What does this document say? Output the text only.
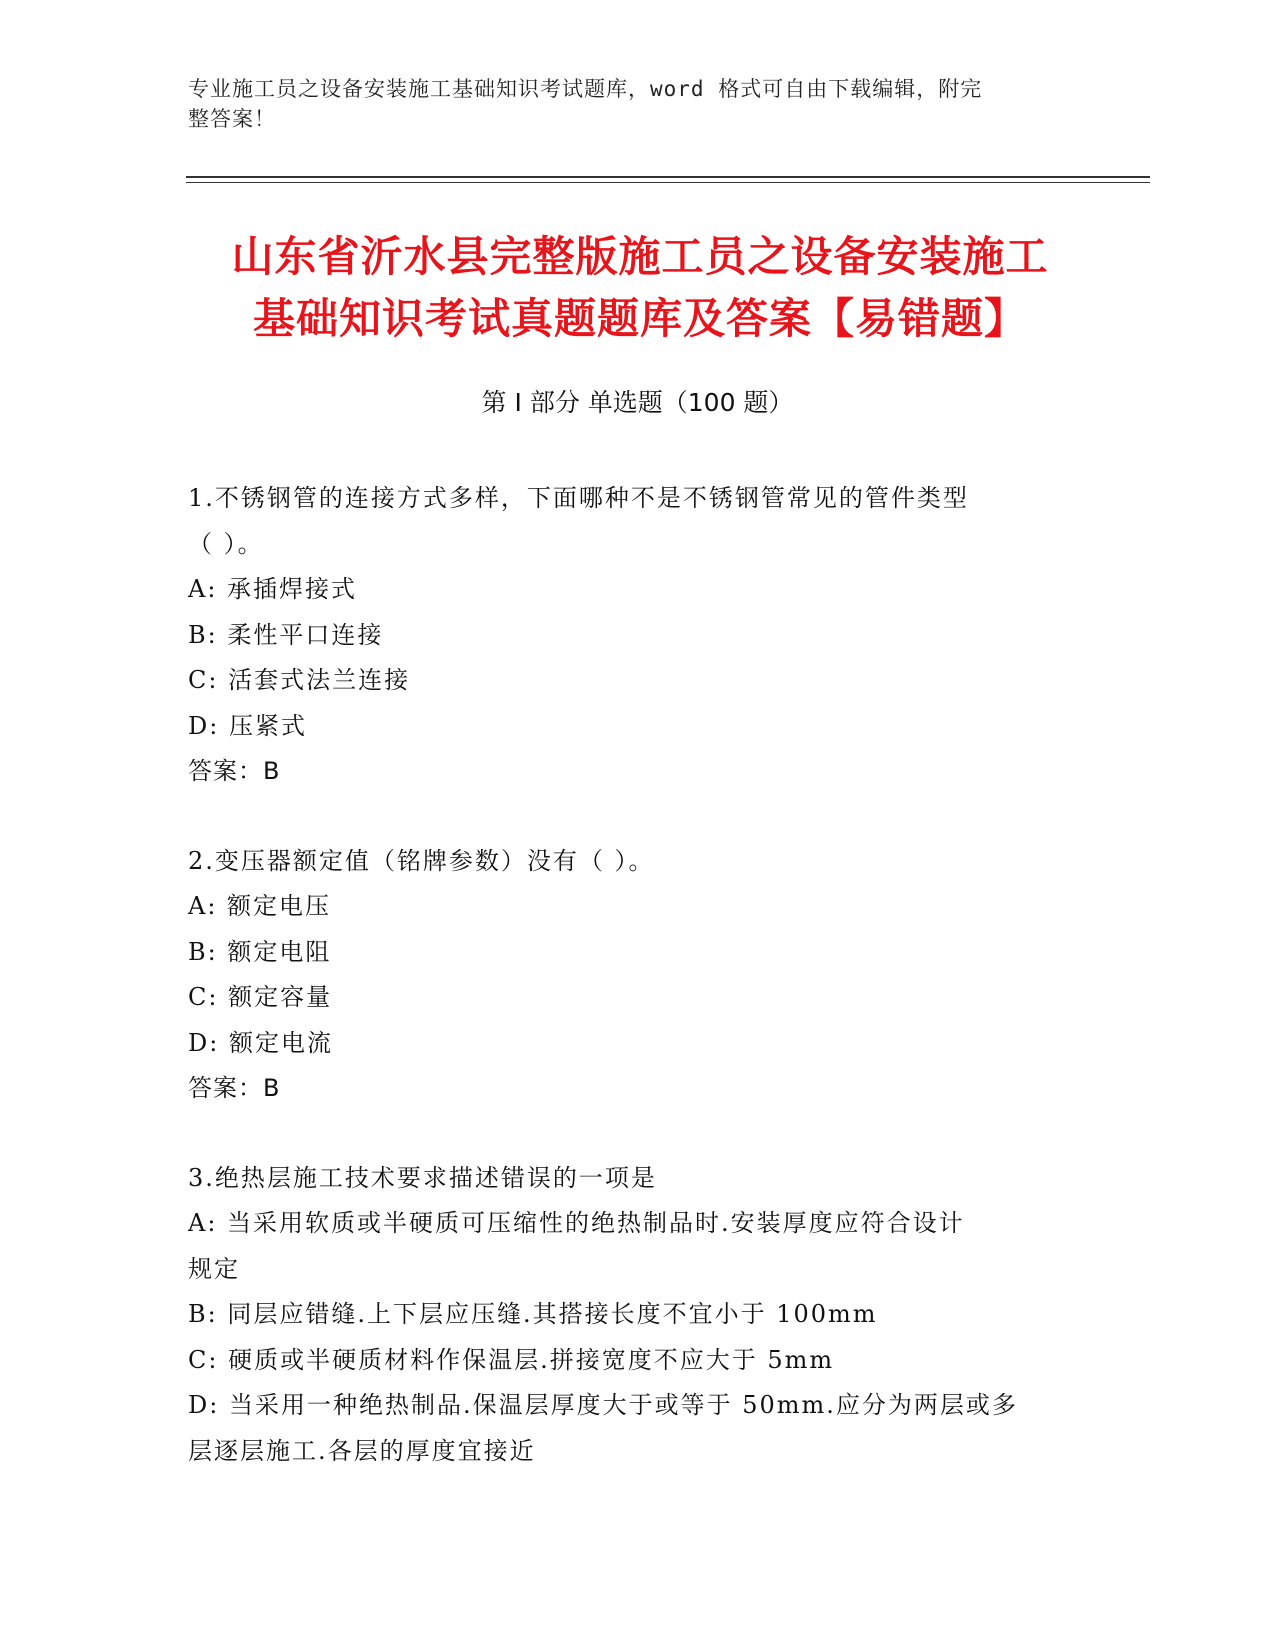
专业施工员之设备安装施工基础知识考试题库，word 格式可自由下载编辑，附完
整答案！
山东省沂水县完整版施工员之设备安装施工
基础知识考试真题题库及答案【易错题】
第 I 部分 单选题（100 题）
1.不锈钢管的连接方式多样，下面哪种不是不锈钢管常见的管件类型
（ ）。
A: 承插焊接式
B: 柔性平口连接
C: 活套式法兰连接
D: 压紧式
答案：B
2.变压器额定值（铭牌参数）没有（ ）。
A: 额定电压
B: 额定电阻
C: 额定容量
D: 额定电流
答案：B
3.绝热层施工技术要求描述错误的一项是
A: 当采用软质或半硬质可压缩性的绝热制品时.安装厚度应符合设计
规定
B: 同层应错缝.上下层应压缝.其搭接长度不宜小于 100mm
C: 硬质或半硬质材料作保温层.拼接宽度不应大于 5mm
D: 当采用一种绝热制品.保温层厚度大于或等于 50mm.应分为两层或多
层逐层施工.各层的厚度宜接近
